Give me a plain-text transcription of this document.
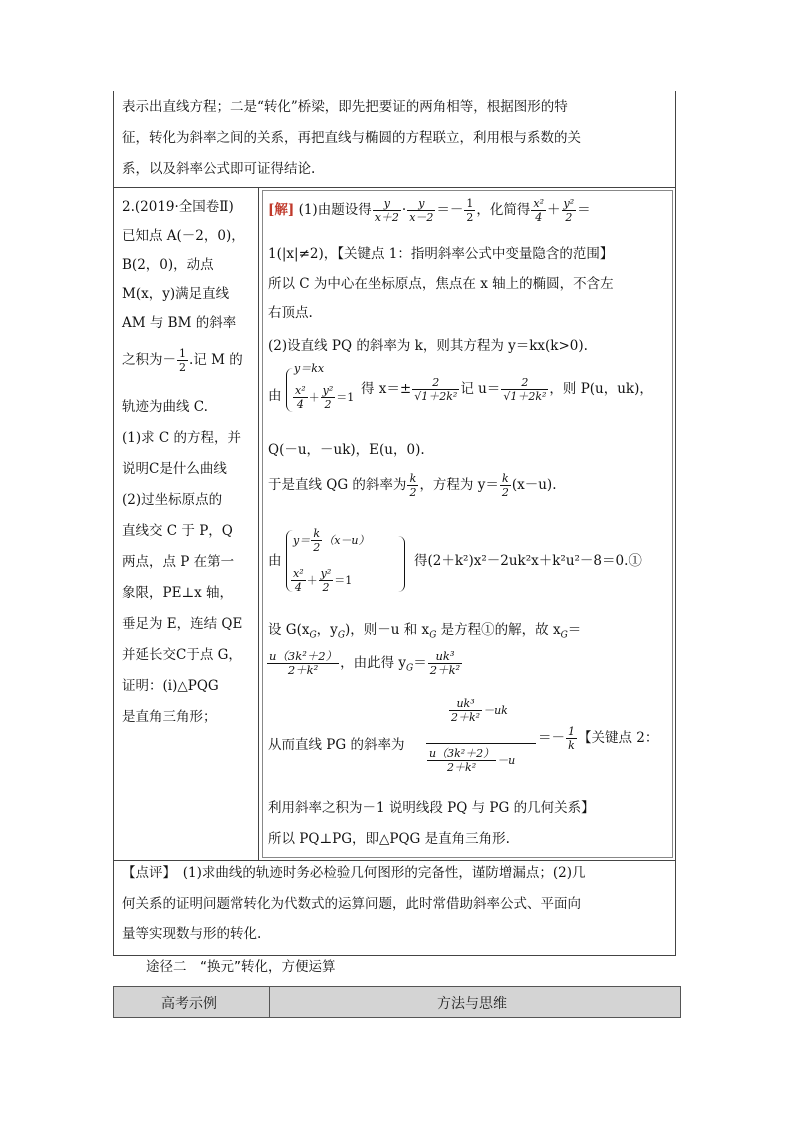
表示出直线方程；二是“转化”桥梁，即先把要证的两角相等，根据图形的特
征，转化为斜率之间的关系，再把直线与椭圆的方程联立，利用根与系数的关
系，以及斜率公式即可证得结论.
2.(2019·全国卷Ⅱ)
已知点 A(－2，0)，
B(2，0)，动点
M(x，y)满足直线
AM 与 BM 的斜率
之积为－ $\frac{1}{2}$ .记 M 的
轨迹为曲线 C.
(1)求 C 的方程，并
说明C是什么曲线
(2)过坐标原点的
直线交 C 于 P，Q
两点，点 P 在第一
象限，PE⊥x 轴，
垂足为 E，连结 QE
并延长交C于点 G，
证明：(ⅰ)△PQG
是直角三角形；
[解] (1)由题设得 $\frac{y}{x+2} \cdot \frac{y}{x-2} =- \frac{1}{2}$ ，化简得 $\frac{\text{x²}}{4} + \frac{\text{y²}}{2}$ ＝
1(|x|≠2)，【关键点 1：指明斜率公式中变量隐含的范围】
所以 C 为中心在坐标原点，焦点在 x 轴上的椭圆，不含左
右顶点.
(2)设直线 PQ 的斜率为 k，则其方程为 y＝kx(k>0).
由
y＝kx
$\frac{\text{x²}}{4} + \frac{\text{y²}}{2} =1$
得 $x=\pm \frac{2}{\text{√1＋2k²}}$ 记 $u= \frac{2}{\text{√1＋2k²}}$ ，则 P(u，uk)，
Q(－u，－uk)，E(u，0).
于是直线 QG 的斜率为 $\frac{k}{2}$ ，方程为 $y= \frac{k}{2} (x-u)$.
由
$y= \frac{k}{2} (x-u)$
$\frac{\text{x²}}{4} + \frac{\text{y²}}{2} =1$
得(2＋k²)x²－2uk²x＋k²u²－8＝0.①
设 $G(x_G$，$y_G$)，则－u 和 $x_G$ 是方程①的解，故 $x_G=$
$\frac{\text{u（3k²＋2）}}{\text{2＋k²}}$ ，由此得 $y_G= \frac{\text{uk³}}{\text{2＋k²}}$
从而直线 PG 的斜率为
$\frac{\text{uk³}}{\text{2＋k²}} -uk$
$\frac{\text{u（3k²＋2）}}{\text{2＋k²}} -u$
＝－ $\frac{1}{k}$ 【关键点 2：
利用斜率之积为－1 说明线段 PQ 与 PG 的几何关系】
所以 PQ⊥PG，即△PQG 是直角三角形.
【点评】　(1)求曲线的轨迹时务必检验几何图形的完备性，谨防增漏点；(2)几
何关系的证明问题常转化为代数式的运算问题，此时常借助斜率公式、平面向
量等实现数与形的转化.
途径二　“换元”转化，方便运算
高考示例	方法与思维
